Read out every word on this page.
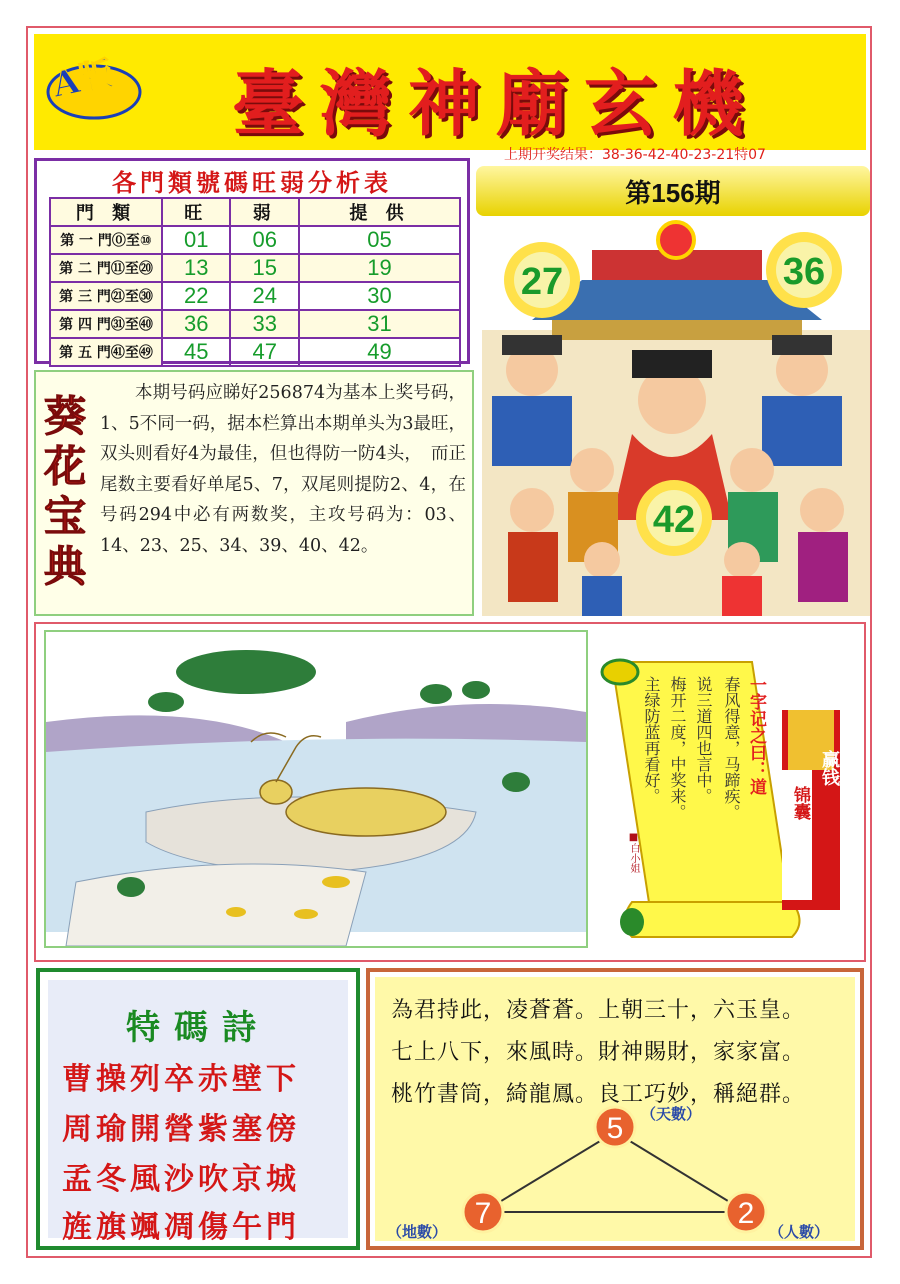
A版	臺灣神廟玄機
上期开奖结果：38-36-42-40-23-21特07
第156期
各門類號碼旺弱分析表
門 類	旺	弱	提 供
第 一 門⓪至⑩	01	06	05
第 二 門⑪至⑳	13	15	19
第 三 門㉑至㉚	22	24	30
第 四 門㉛至㊵	36	33	31
第 五 門㊶至㊾	45	47	49
葵花宝典
本期号码应睇好256874为基本上奖号码，1、5不同一码，据本栏算出本期单头为3最旺，双头则看好4为最佳，但也得防一防4头，　而正尾数主要看好单尾5、7，双尾则提防2、4，在号码294中必有两数奖，主攻号码为：03、14、23、25、34、39、40、42。
27	36
42
一字记之曰：道
春风得意，马蹄疾。
说三道四也言中。
梅开二度，中奖来。
主绿防蓝再看好。
■白小姐
赢钱
锦囊
特碼詩
曹操列卒赤壁下
周瑜開營紫塞傍
孟冬風沙吹京城
旌旗颯凋傷午門
為君持此，凌蒼蒼。上朝三十，六玉皇。
七上八下，來風時。財神賜財，家家富。
桃竹書筒，綺龍鳳。良工巧妙，稱絕群。
5
7	2
（天數）
（地數）	（人數）
